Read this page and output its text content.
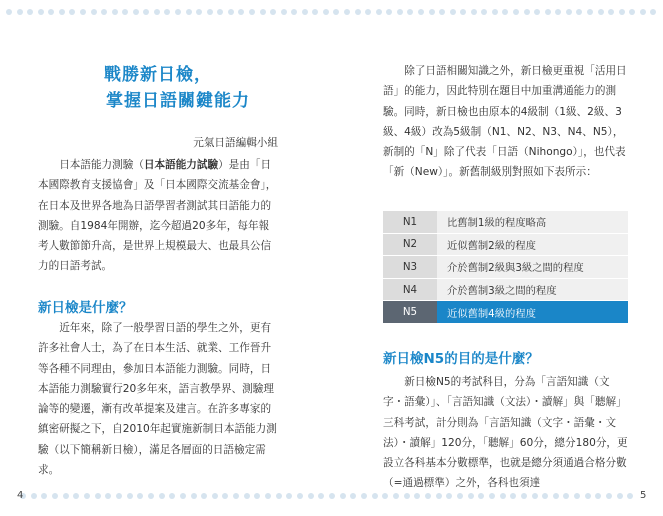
戰勝新日檢，
掌握日語關鍵能力
元氣日語編輯小組
日本語能力測驗（日本語能力試驗）是由「日本國際教育支援協會」及「日本國際交流基金會」，在日本及世界各地為日語學習者測試其日語能力的測驗。自1984年開辦，迄今超過20多年，每年報考人數節節升高，是世界上規模最大、也最具公信力的日語考試。
新日檢是什麼？
近年來，除了一般學習日語的學生之外，更有許多社會人士，為了在日本生活、就業、工作晉升等各種不同理由，參加日本語能力測驗。同時，日本語能力測驗實行20多年來，語言教學界、測驗理論等的變遷，漸有改革提案及建言。在許多專家的縝密研擬之下，自2010年起實施新制日本語能力測驗（以下簡稱新日檢），滿足各層面的日語檢定需求。
除了日語相關知識之外，新日檢更重視「活用日語」的能力，因此特別在題目中加重溝通能力的測驗。同時，新日檢也由原本的4級制（1級、2級、3級、4級）改為5級制（N1、N2、N3、N4、N5），新制的「N」除了代表「日語（Nihongo）」，也代表「新（New）」。新舊制級別對照如下表所示：
N1	比舊制1級的程度略高
N2	近似舊制2級的程度
N3	介於舊制2級與3級之間的程度
N4	介於舊制3級之間的程度
N5	近似舊制4級的程度
新日檢N5的目的是什麼？
新日檢N5的考試科目，分為「言語知識（文字・語彙）」、「言語知識（文法）・讀解」與「聽解」三科考試，計分則為「言語知識（文字・語彙・文法）・讀解」120分，「聽解」60分，總分180分，更設立各科基本分數標準，也就是總分須通過合格分數（=通過標準）之外，各科也須達
4	5
